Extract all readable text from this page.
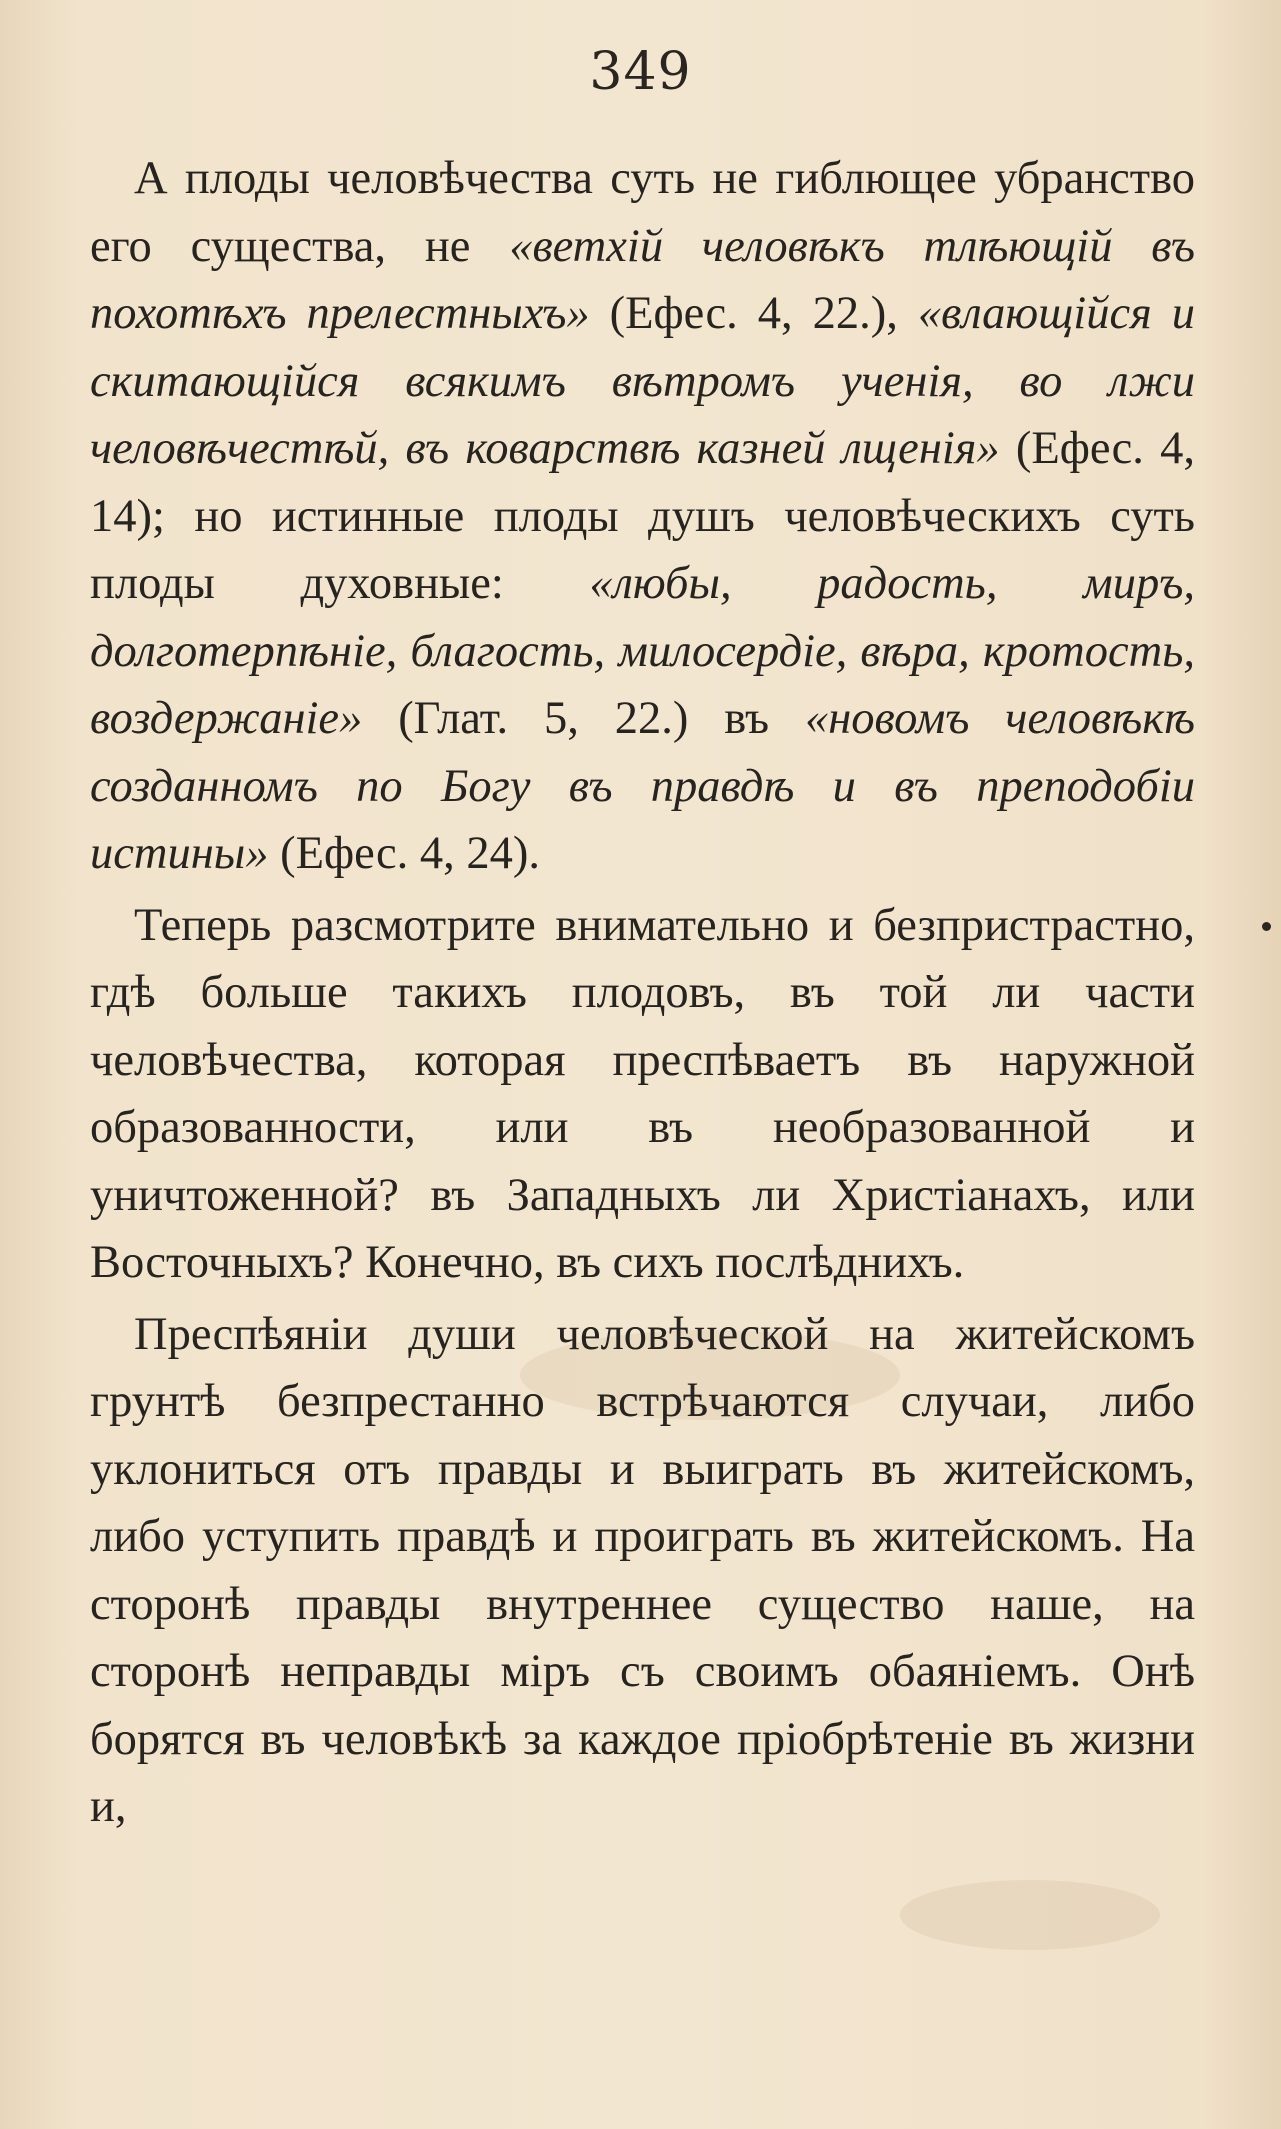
349

А плоды человѣчества суть не гиблющее убранство его существа, не «ветхій человѣкъ тлѣющій въ похотѣхъ прелестныхъ» (Ефес. 4, 22.), «влающійся и скитающійся всякимъ вѣтромъ ученія, во лжи человѣчестѣй, въ коварствѣ казней лщенія» (Ефес. 4, 14); но истинные плоды душъ человѣческихъ суть плоды духовные: «любы, радость, миръ, долготерпѣніе, благость, милосердіе, вѣра, кротость, воздержаніе» (Глат. 5, 22.) въ «новомъ человѣкѣ созданномъ по Богу въ правдѣ и въ преподобіи истины» (Ефес. 4, 24).

Теперь разсмотрите внимательно и безпристрастно, гдѣ больше такихъ плодовъ, въ той ли части человѣчества, которая преспѣваетъ въ наружной образованности, или въ необразованной и уничтоженной? въ Западныхъ ли Христіанахъ, или Восточныхъ? Конечно, въ сихъ послѣднихъ.

Преспѣяніи души человѣческой на житейскомъ грунтѣ безпрестанно встрѣчаются случаи, либо уклониться отъ правды и выиграть въ житейскомъ, либо уступить правдѣ и проиграть въ житейскомъ. На сторонѣ правды внутреннее существо наше, на сторонѣ неправды міръ съ своимъ обаяніемъ. Онѣ борятся въ человѣкѣ за каждое пріобрѣтеніе въ жизни и,
